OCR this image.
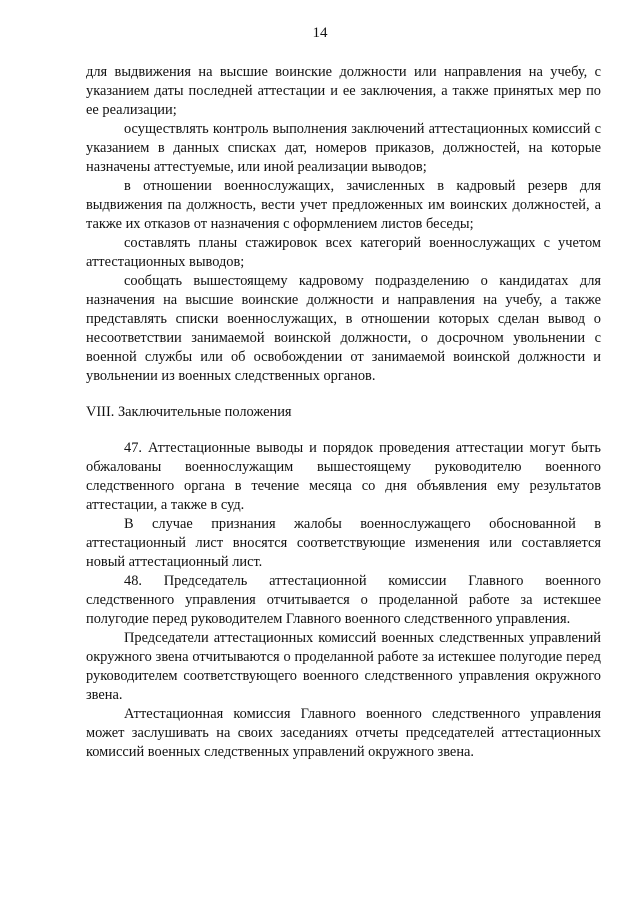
14

для выдвижения на высшие воинские должности или направления на учебу, с указанием даты последней аттестации и ее заключения, а также принятых мер по ее реализации;

осуществлять контроль выполнения заключений аттестационных комиссий с указанием в данных списках дат, номеров приказов, должностей, на которые назначены аттестуемые, или иной реализации выводов;

в отношении военнослужащих, зачисленных в кадровый резерв для выдвижения па должность, вести учет предложенных им воинских должностей, а также их отказов от назначения с оформлением листов беседы;

составлять планы стажировок всех категорий военнослужащих с учетом аттестационных выводов;

сообщать вышестоящему кадровому подразделению о кандидатах для назначения на высшие воинские должности и направления на учебу, а также представлять списки военнослужащих, в отношении которых сделан вывод о несоответствии занимаемой воинской должности, о досрочном увольнении с военной службы или об освобождении от занимаемой воинской должности и увольнении из военных следственных органов.

VIII. Заключительные положения

47. Аттестационные выводы и порядок проведения аттестации могут быть обжалованы военнослужащим вышестоящему руководителю военного следственного органа в течение месяца со дня объявления ему результатов аттестации, а также в суд.

В случае признания жалобы военнослужащего обоснованной в аттестационный лист вносятся соответствующие изменения или составляется новый аттестационный лист.

48. Председатель аттестационной комиссии Главного военного следственного управления отчитывается о проделанной работе за истекшее полугодие перед руководителем Главного военного следственного управления.

Председатели аттестационных комиссий военных следственных управлений окружного звена отчитываются о проделанной работе за истекшее полугодие перед руководителем соответствующего военного следственного управления окружного звена.

Аттестационная комиссия Главного военного следственного управления может заслушивать на своих заседаниях отчеты председателей аттестационных комиссий военных следственных управлений окружного звена.
